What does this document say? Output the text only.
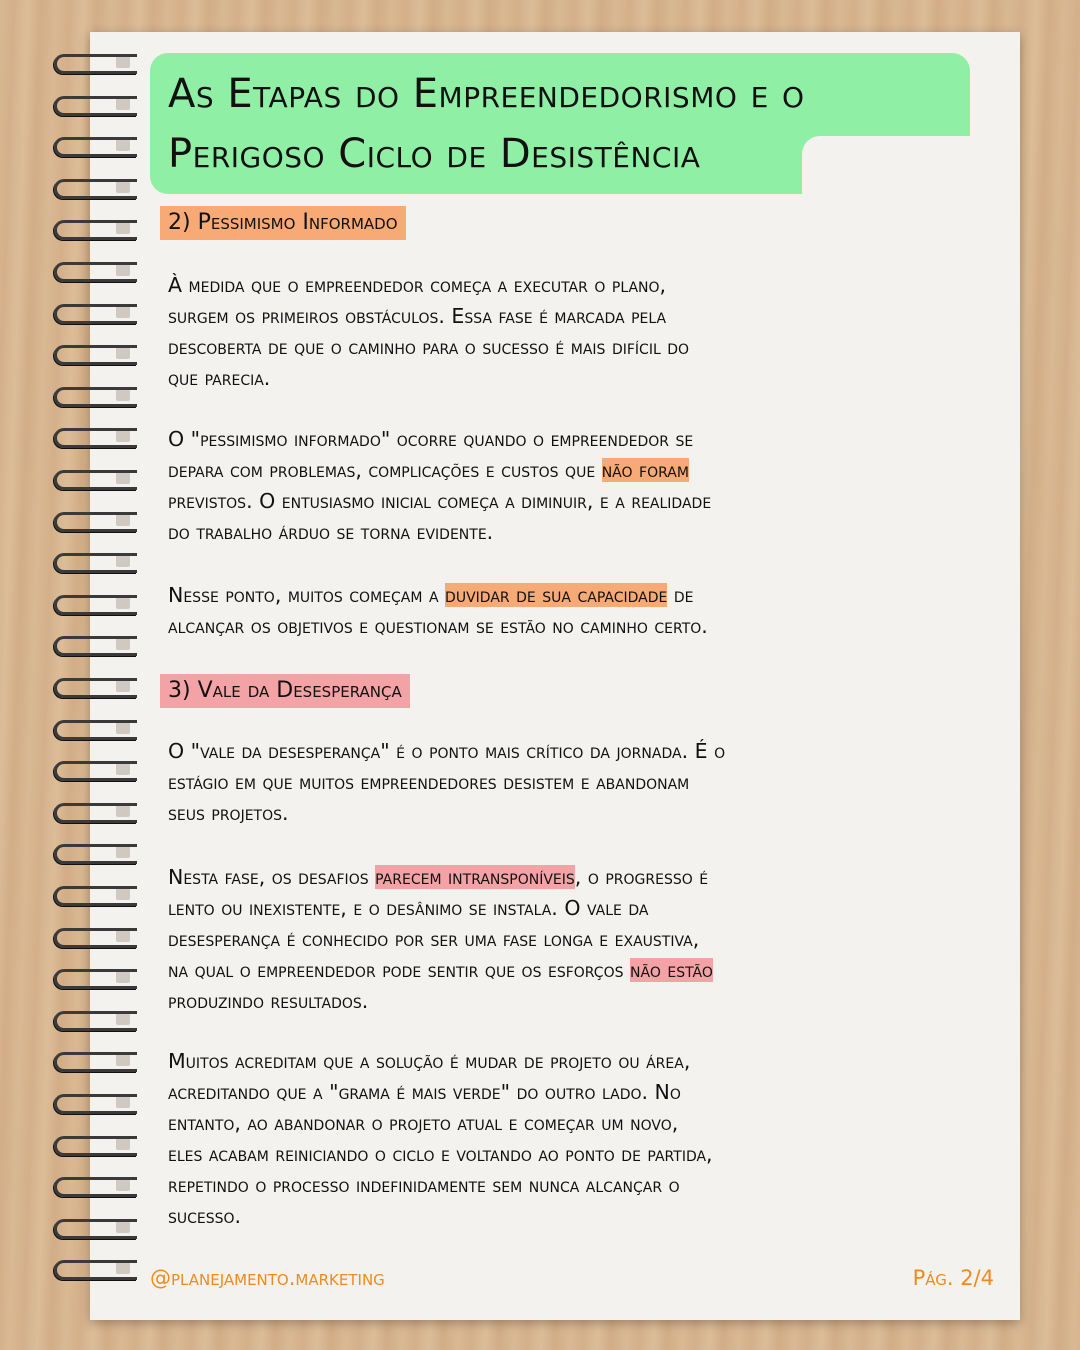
As Etapas do Empreendedorismo e o
Perigoso Ciclo de Desistência
2) Pessimismo Informado

À medida que o empreendedor começa a executar o plano,
surgem os primeiros obstáculos. Essa fase é marcada pela
descoberta de que o caminho para o sucesso é mais difícil do
que parecia.

O "pessimismo informado" ocorre quando o empreendedor se
depara com problemas, complicações e custos que não foram
previstos. O entusiasmo inicial começa a diminuir, e a realidade
do trabalho árduo se torna evidente.

Nesse ponto, muitos começam a duvidar de sua capacidade de
alcançar os objetivos e questionam se estão no caminho certo.

3) Vale da Desesperança

O "vale da desesperança" é o ponto mais crítico da jornada. É o
estágio em que muitos empreendedores desistem e abandonam
seus projetos.

Nesta fase, os desafios parecem intransponíveis, o progresso é
lento ou inexistente, e o desânimo se instala. O vale da
desesperança é conhecido por ser uma fase longa e exaustiva,
na qual o empreendedor pode sentir que os esforços não estão
produzindo resultados.

Muitos acreditam que a solução é mudar de projeto ou área,
acreditando que a "grama é mais verde" do outro lado. No
entanto, ao abandonar o projeto atual e começar um novo,
eles acabam reiniciando o ciclo e voltando ao ponto de partida,
repetindo o processo indefinidamente sem nunca alcançar o
sucesso.

@planejamento.marketing	Pág. 2/4
